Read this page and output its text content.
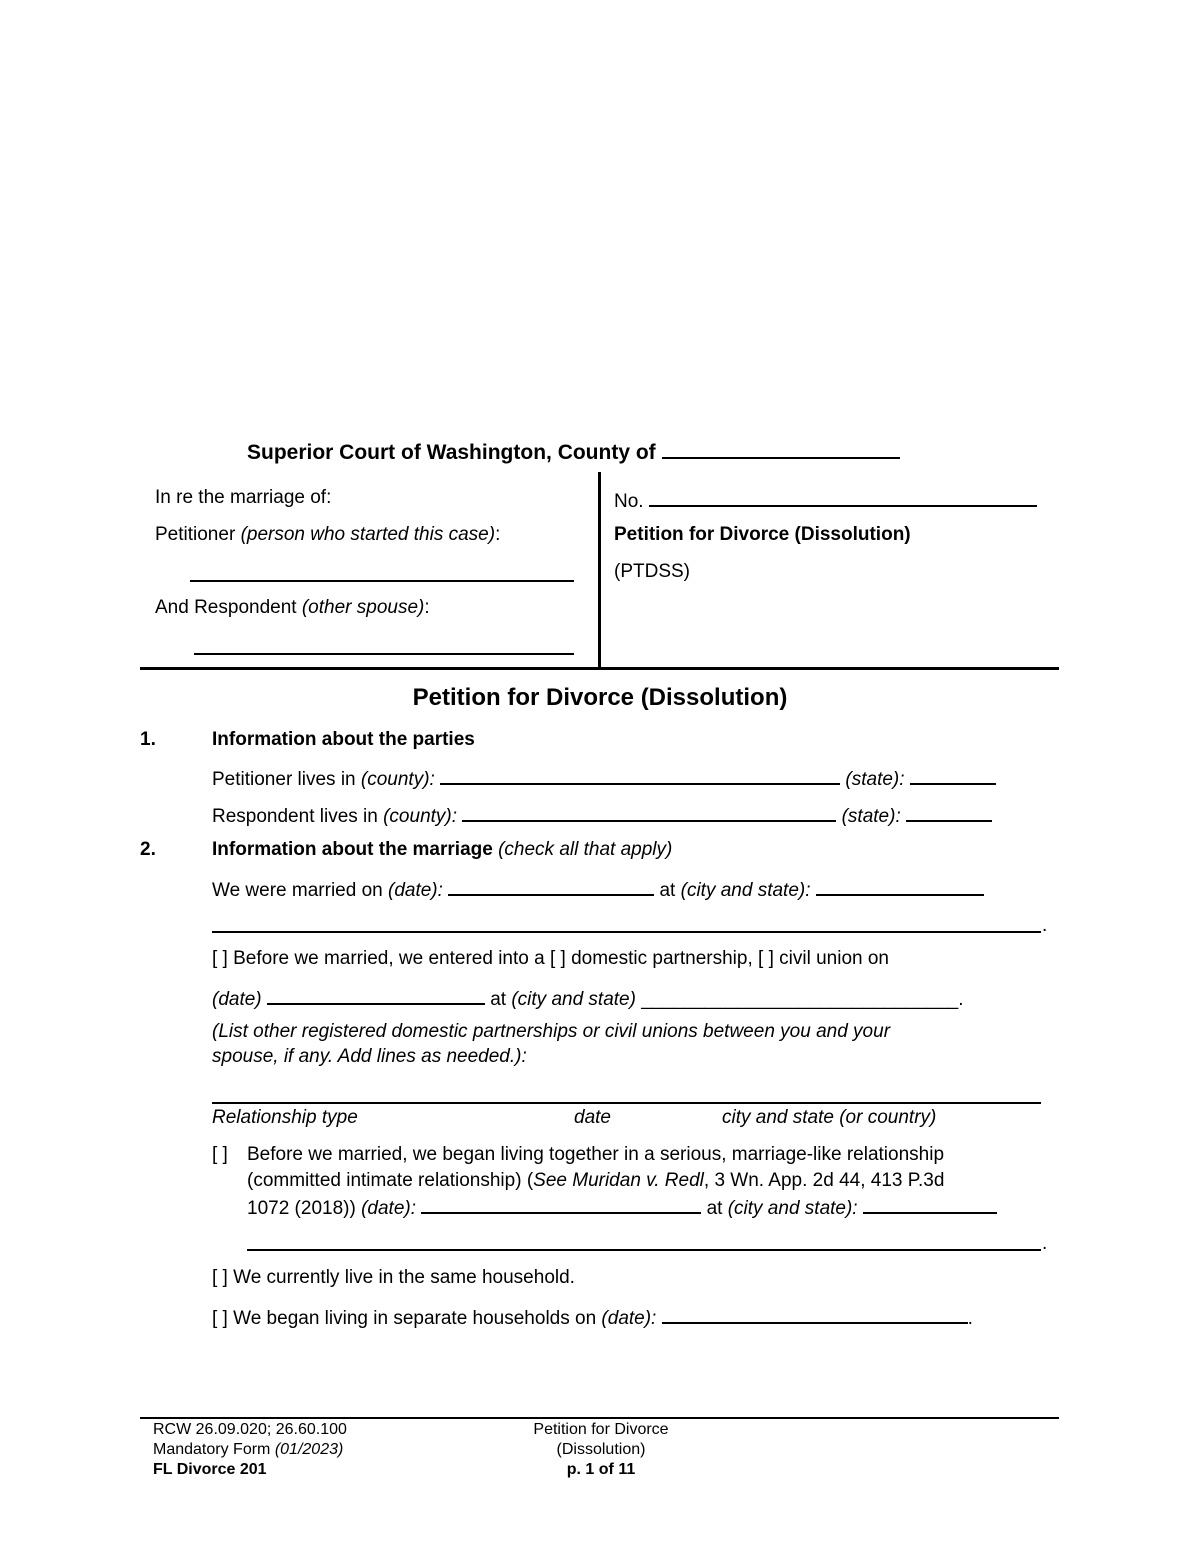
Superior Court of Washington, County of
In re the marriage of:
Petitioner (person who started this case):
And Respondent (other spouse):
No.
Petition for Divorce (Dissolution)
(PTDSS)
Petition for Divorce (Dissolution)
1.	Information about the parties
Petitioner lives in (county):	(state):
Respondent lives in (county):	(state):
2.	Information about the marriage (check all that apply)
We were married on (date):	at (city and state):
.
[ ] Before we married, we entered into a [ ] domestic partnership, [ ] civil union on
(date)	at (city and state) ______________________________.
(List other registered domestic partnerships or civil unions between you and your
spouse, if any. Add lines as needed.):
Relationship type	date	city and state (or country)
[ ] Before we married, we began living together in a serious, marriage-like relationship
(committed intimate relationship) (See Muridan v. Redl, 3 Wn. App. 2d 44, 413 P.3d
1072 (2018)) (date):	at (city and state):
.
[ ] We currently live in the same household.
[ ] We began living in separate households on (date):	.
RCW 26.09.020; 26.60.100
Mandatory Form (01/2023)
FL Divorce 201
Petition for Divorce
(Dissolution)
p. 1 of 11
